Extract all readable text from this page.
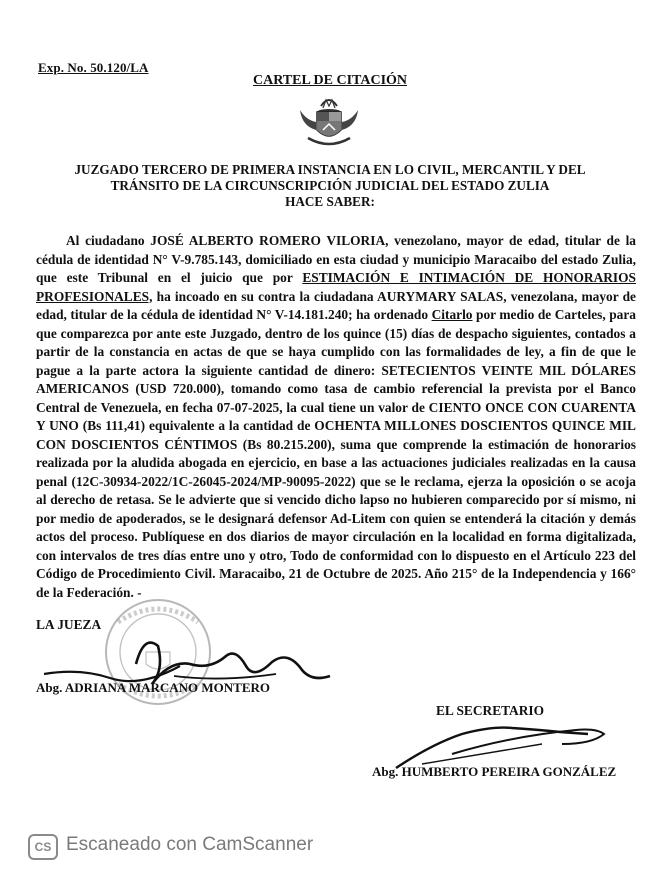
Exp. No. 50.120/LA
CARTEL DE CITACIÓN
JUZGADO TERCERO DE PRIMERA INSTANCIA EN LO CIVIL, MERCANTIL Y DEL
TRÁNSITO DE LA CIRCUNSCRIPCIÓN JUDICIAL DEL ESTADO ZULIA
HACE SABER:
Al ciudadano JOSÉ ALBERTO ROMERO VILORIA, venezolano, mayor de edad, titular de la cédula de identidad N° V-9.785.143, domiciliado en esta ciudad y municipio Maracaibo del estado Zulia, que este Tribunal en el juicio que por ESTIMACIÓN E INTIMACIÓN DE HONORARIOS PROFESIONALES, ha incoado en su contra la ciudadana AURYMARY SALAS, venezolana, mayor de edad, titular de la cédula de identidad N° V-14.181.240; ha ordenado Citarlo por medio de Carteles, para que comparezca por ante este Juzgado, dentro de los quince (15) días de despacho siguientes, contados a partir de la constancia en actas de que se haya cumplido con las formalidades de ley, a fin de que le pague a la parte actora la siguiente cantidad de dinero: SETECIENTOS VEINTE MIL DÓLARES AMERICANOS (USD 720.000), tomando como tasa de cambio referencial la prevista por el Banco Central de Venezuela, en fecha 07-07-2025, la cual tiene un valor de CIENTO ONCE CON CUARENTA Y UNO (Bs 111,41) equivalente a la cantidad de OCHENTA MILLONES DOSCIENTOS QUINCE MIL CON DOSCIENTOS CÉNTIMOS (Bs 80.215.200), suma que comprende la estimación de honorarios realizada por la aludida abogada en ejercicio, en base a las actuaciones judiciales realizadas en la causa penal (12C-30934-2022/1C-26045-2024/MP-90095-2022) que se le reclama, ejerza la oposición o se acoja al derecho de retasa. Se le advierte que si vencido dicho lapso no hubieren comparecido por sí mismo, ni por medio de apoderados, se le designará defensor Ad-Litem con quien se entenderá la citación y demás actos del proceso. Publíquese en dos diarios de mayor circulación en la localidad en forma digitalizada, con intervalos de tres días entre uno y otro, Todo de conformidad con lo dispuesto en el Artículo 223 del Código de Procedimiento Civil. Maracaibo, 21 de Octubre de 2025. Año 215° de la Independencia y 166° de la Federación. -
LA JUEZA
Abg. ADRIANA MARCANO MONTERO
EL SECRETARIO
Abg. HUMBERTO PEREIRA GONZÁLEZ
CS Escaneado con CamScanner
